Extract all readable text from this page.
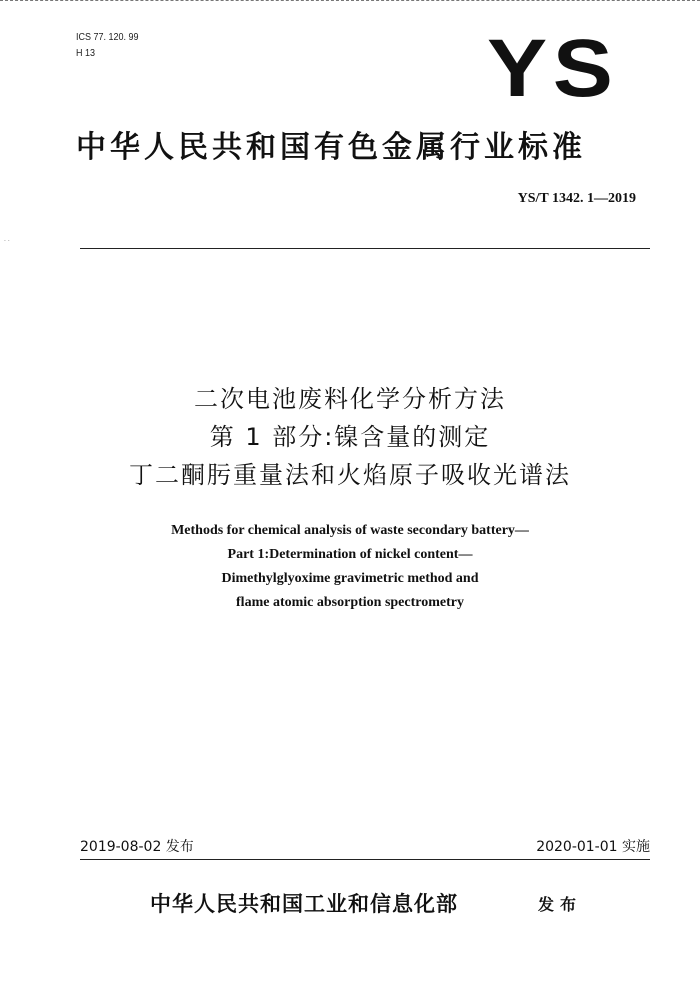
· ·
ICS 77. 120. 99
H 13	YS
中华人民共和国有色金属行业标准
YS/T 1342. 1—2019
二次电池废料化学分析方法
第 1 部分:镍含量的测定
丁二酮肟重量法和火焰原子吸收光谱法
Methods for chemical analysis of waste secondary battery—
Part 1:Determination of nickel content—
Dimethylglyoxime gravimetric method and
flame atomic absorption spectrometry
2019-08-02 发布	2020-01-01 实施
中华人民共和国工业和信息化部	发布
